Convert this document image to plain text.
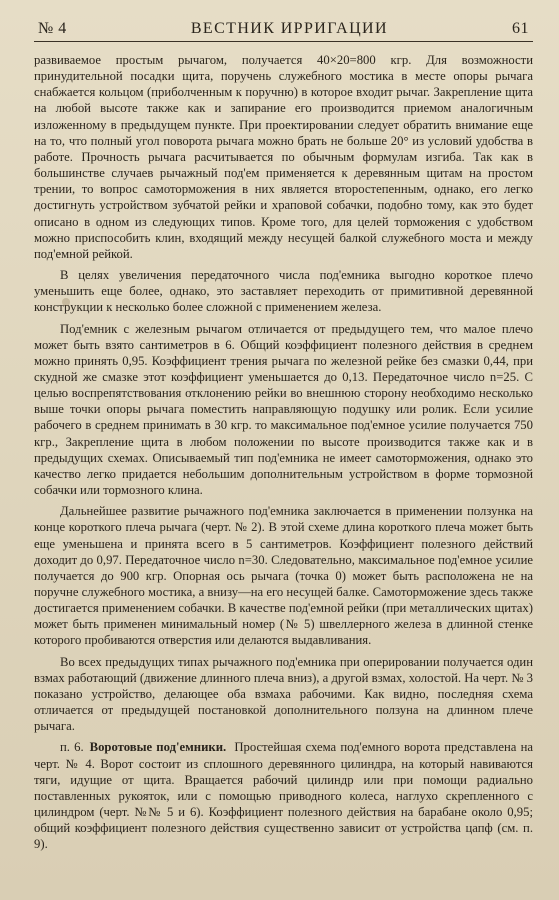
№ 4	ВЕСТНИК ИРРИГАЦИИ	61

развиваемое простым рычагом, получается 40×20=800 кгр. Для возможности принудительной посадки щита, поручень служебного мостика в месте опоры рычага снабжается кольцом (приболченным к поручню) в которое входит рычаг. Закрепление щита на любой высоте также как и запирание его производится приемом аналогичным изложенному в предыдущем пункте. При проектировании следует обратить внимание еще на то, что полный угол поворота рычага можно брать не больше 20° из условий удобства в работе. Прочность рычага расчитывается по обычным формулам изгиба. Так как в большинстве случаев рычажный под'ем применяется к деревянным щитам на простом трении, то вопрос самоторможения в них является второстепенным, однако, его легко достигнуть устройством зубчатой рейки и храповой собачки, подобно тому, как это будет описано в одном из следующих типов. Кроме того, для целей торможения с удобством можно приспособить клин, входящий между несущей балкой служебного моста и между под'емной рейкой.

В целях увеличения передаточного числа под'емника выгодно короткое плечо уменьшить еще более, однако, это заставляет переходить от примитивной деревянной конструкции к несколько более сложной с применением железа.

Под'емник с железным рычагом отличается от предыдущего тем, что малое плечо может быть взято сантиметров в 6. Общий коэффициент полезного действия в среднем можно принять 0,95. Коэффициент трения рычага по железной рейке без смазки 0,44, при скудной же смазке этот коэффициент уменьшается до 0,13. Передаточное число n=25. С целью воспрепятствования отклонению рейки во внешнюю сторону необходимо несколько выше точки опоры рычага поместить направляющую подушку или ролик. Если усилие рабочего в среднем принимать в 30 кгр. то максимальное под'емное усилие получается 750 кгр., Закрепление щита в любом положении по высоте производится также как и в предыдущих схемах. Описываемый тип под'емника не имеет самоторможения, однако это качество легко придается небольшим дополнительным устройством в форме тормозной собачки или тормозного клина.

Дальнейшее развитие рычажного под'емника заключается в применении ползунка на конце короткого плеча рычага (черт. № 2). В этой схеме длина короткого плеча может быть еще уменьшена и принята всего в 5 сантиметров. Коэффициент полезного действий доходит до 0,97. Передаточное число n=30. Следовательно, максимальное под'емное усилие получается до 900 кгр. Опорная ось рычага (точка 0) может быть расположена не на поручне служебного мостика, а внизу—на его несущей балке. Самоторможение здесь также достигается применением собачки. В качестве под'емной рейки (при металлических щитах) может быть применен минимальный номер (№ 5) швеллерного железа в длинной стенке которого пробиваются отверстия или делаются выдавливания.

Во всех предыдущих типах рычажного под'емника при оперировании получается один взмах работающий (движение длинного плеча вниз), а другой взмах, холостой. На черт. № 3 показано устройство, делающее оба взмаха рабочими. Как видно, последняя схема отличается от предыдущей постановкой дополнительного ползуна на длинном плече рычага.

п. 6. Воротовые под'емники. Простейшая схема под'емного ворота представлена на черт. № 4. Ворот состоит из сплошного деревянного цилиндра, на который навиваются тяги, идущие от щита. Вращается рабочий цилиндр или при помощи радиально поставленных рукояток, или с помощью приводного колеса, наглухо скрепленного с цилиндром (черт. №№ 5 и 6). Коэффициент полезного действия на барабане около 0,95; общий коэффициент полезного действия существенно зависит от устройства цапф (см. п. 9).
